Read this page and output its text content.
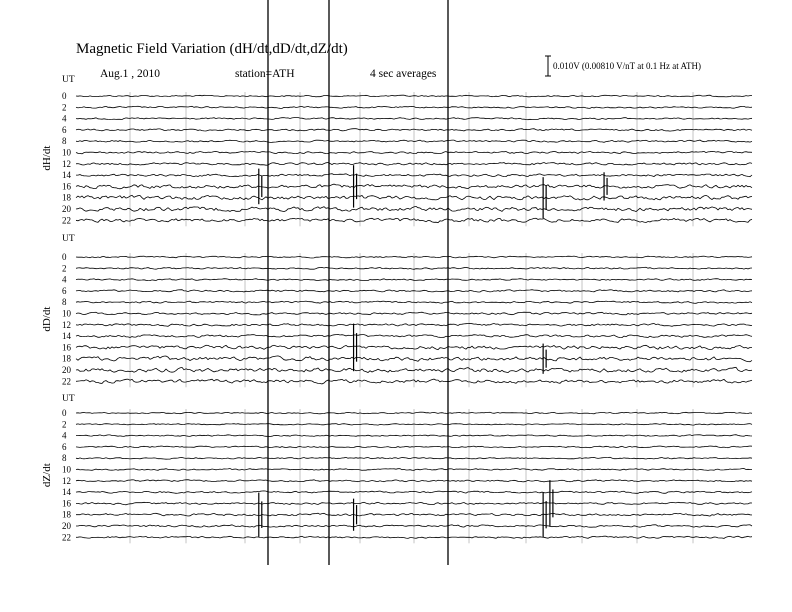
Magnetic Field Variation (dH/dt,dD/dt,dZ/dt)
Aug.1 , 2010	station=ATH	4 sec averages
0.010V (0.00810 V/nT at 0.1 Hz at ATH)
UT
dH/dt
0
2
4
6
8
10
12
14
16
18
20
22
UT
dD/dt
0
2
4
6
8
10
12
14
16
18
20
22
UT
dZ/dt
0
2
4
6
8
10
12
14
16
18
20
22
